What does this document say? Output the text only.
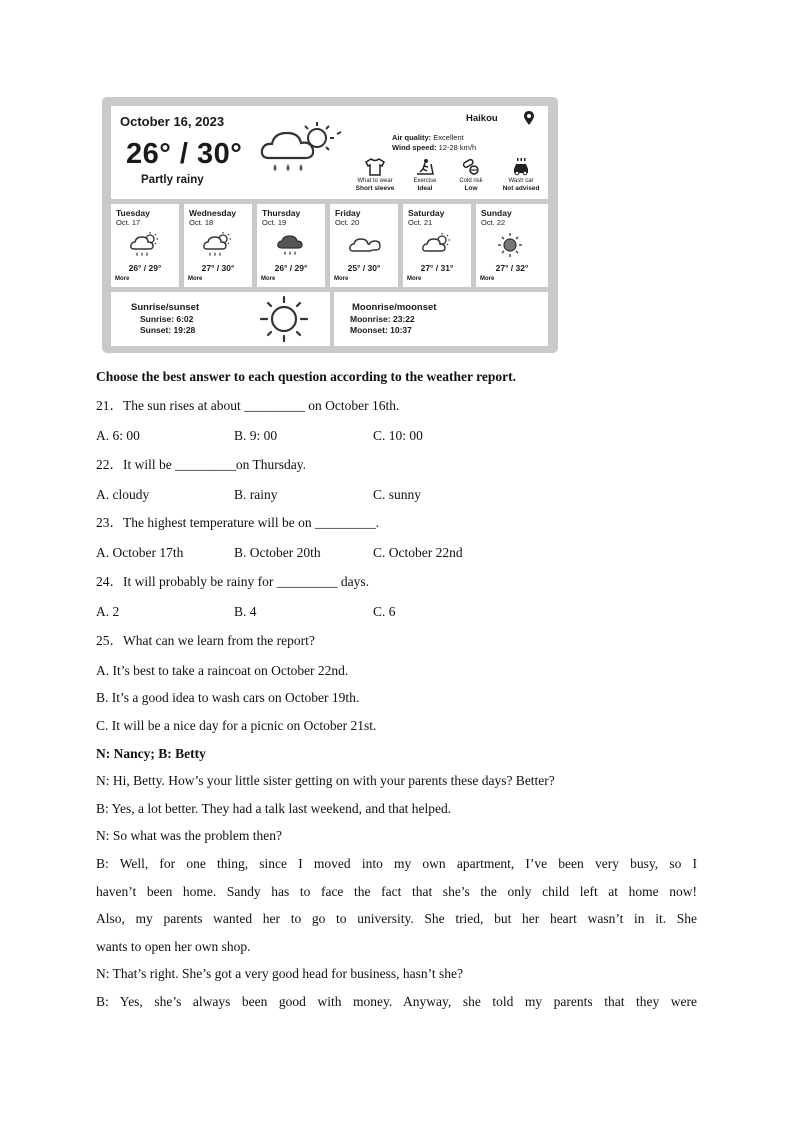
October 16, 2023
26° / 30°
Partly rainy
Haikou
Air quality: Excellent
Wind speed: 12-28 km/h
What to wear
Short sleeve
Exercise
Ideal
Cold risk
Low
Wash car
Not advised
Tuesday
Oct. 17
26° / 29°
More
Wednesday
Oct. 18
27° / 30°
More
Thursday
Oct. 19
26° / 29°
More
Friday
Oct. 20
25° / 30°
More
Saturday
Oct. 21
27° / 31°
More
Sunday
Oct. 22
27° / 32°
More
Sunrise/sunset
Sunrise: 6:02
Sunset: 19:28
Moonrise/moonset
Moonrise: 23:22
Moonset: 10:37
Choose the best answer to each question according to the weather report.
21．The sun rises at about _________ on October 16th.
A. 6: 00	B. 9: 00	C. 10: 00
22．It will be _________on Thursday.
A. cloudy	B. rainy	C. sunny
23．The highest temperature will be on _________.
A. October 17th	B. October 20th	C. October 22nd
24．It will probably be rainy for _________ days.
A. 2	B. 4	C. 6
25．What can we learn from the report?
A. It’s best to take a raincoat on October 22nd.
B. It’s a good idea to wash cars on October 19th.
C. It will be a nice day for a picnic on October 21st.
N: Nancy; B: Betty
N: Hi, Betty. How’s your little sister getting on with your parents these days? Better?
B: Yes, a lot better. They had a talk last weekend, and that helped.
N: So what was the problem then?
B: Well, for one thing, since I moved into my own apartment, I’ve been very busy, so I
haven’t been home. Sandy has to face the fact that she’s the only child left at home now!
Also, my parents wanted her to go to university. She tried, but her heart wasn’t in it. She
wants to open her own shop.
N: That’s right. She’s got a very good head for business, hasn’t she?
B: Yes, she’s always been good with money. Anyway, she told my parents that they were
